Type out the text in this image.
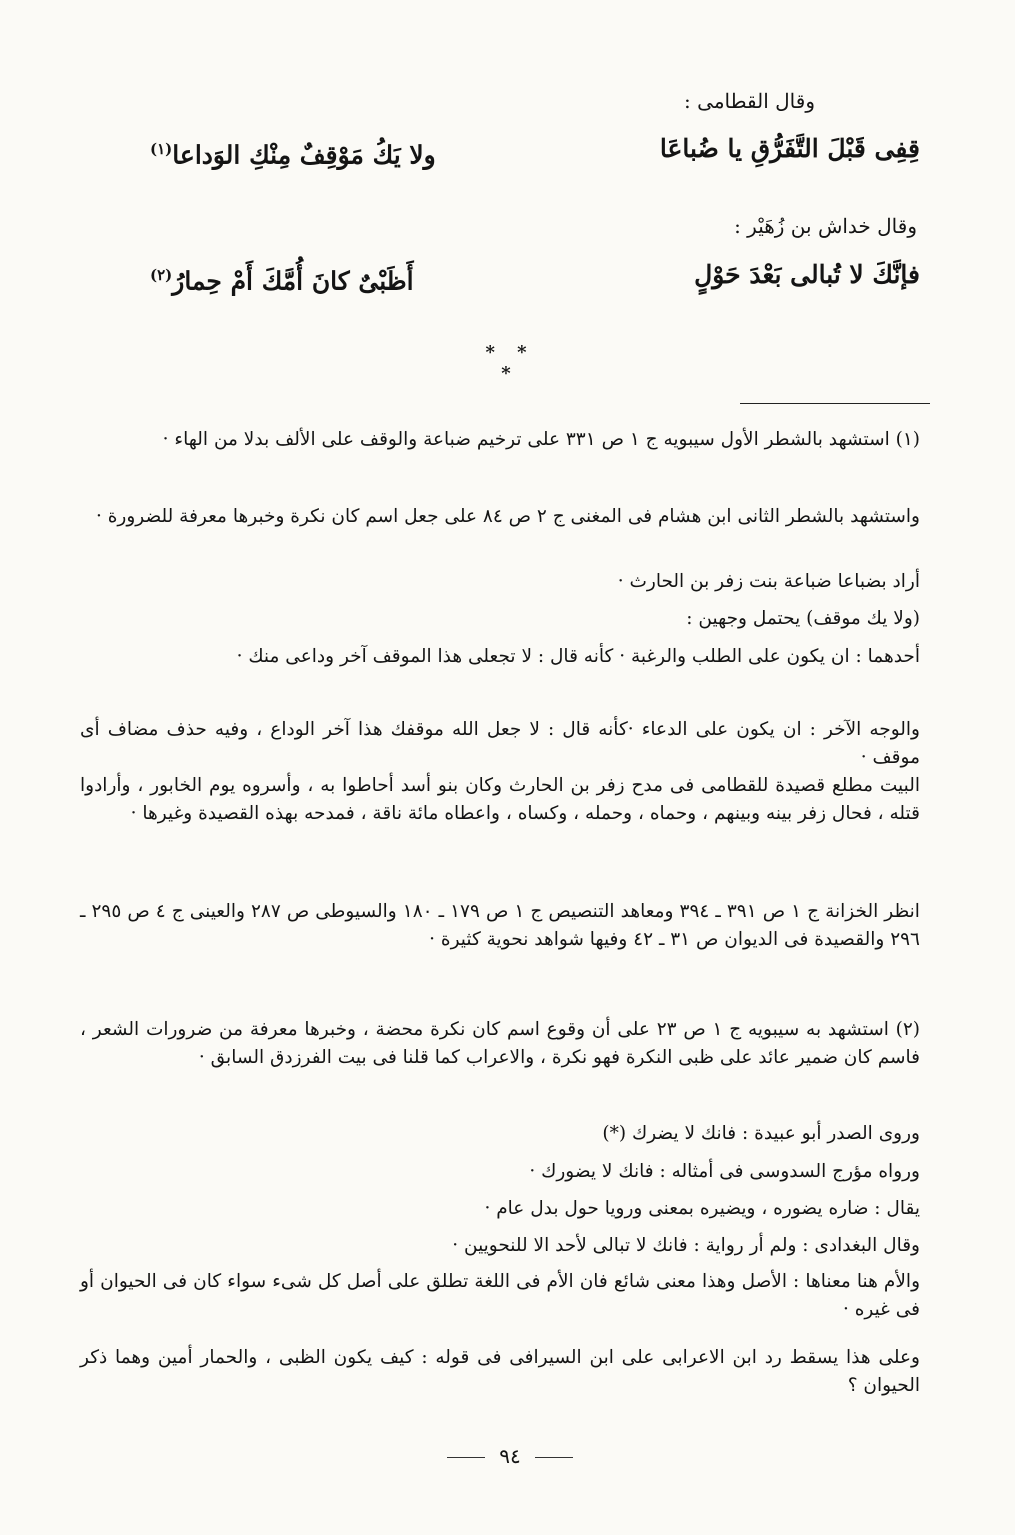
وقال القطامى :
قِفِى قَبْلَ التَّفَرُّقِ يا ضُباعَا
ولا يَكُ مَوْقِفٌ مِنْكِ الوَداعا$^{(١)}$
وقال خداش بن زُهَيْر :
فإنَّكَ لا تُبالى بَعْدَ حَوْلٍ
أَظَبْىٌ كانَ أُمَّكَ أَمْ حِمارُ$^{(٢)}$
* * *
(١) استشهد بالشطر الأول سيبويه ج ١ ص ٣٣١ على ترخيم ضباعة والوقف على الألف بدلا من الهاء ·
واستشهد بالشطر الثانى ابن هشام فى المغنى ج ٢ ص ٨٤ على جعل اسم كان نكرة وخبرها معرفة للضرورة ·
أراد بضباعا ضباعة بنت زفر بن الحارث ·
(ولا يك موقف) يحتمل وجهين :
أحدهما : ان يكون على الطلب والرغبة · كأنه قال : لا تجعلى هذا الموقف آخر وداعى منك ·
والوجه الآخر : ان يكون على الدعاء ·كأنه قال : لا جعل الله موقفك هذا آخر الوداع ، وفيه حذف مضاف أى موقف ·
البيت مطلع قصيدة للقطامى فى مدح زفر بن الحارث وكان بنو أسد أحاطوا به ، وأسروه يوم الخابور ، وأرادوا قتله ، فحال زفر بينه وبينهم ، وحماه ، وحمله ، وكساه ، واعطاه مائة ناقة ، فمدحه بهذه القصيدة وغيرها ·
انظر الخزانة ج ١ ص ٣٩١ ـ ٣٩٤ ومعاهد التنصيص ج ١ ص ١٧٩ ـ ١٨٠ والسيوطى ص ٢٨٧ والعينى ج ٤ ص ٢٩٥ ـ ٢٩٦ والقصيدة فى الديوان ص ٣١ ـ ٤٢ وفيها شواهد نحوية كثيرة ·
(٢) استشهد به سيبويه ج ١ ص ٢٣ على أن وقوع اسم كان نكرة محضة ، وخبرها معرفة من ضرورات الشعر ، فاسم كان ضمير عائد على ظبى النكرة فهو نكرة ، والاعراب كما قلنا فى بيت الفرزدق السابق ·
وروى الصدر أبو عبيدة : فانك لا يضرك (*)
ورواه مؤرج السدوسى فى أمثاله : فانك لا يضورك ·
يقال : ضاره يضوره ، ويضيره بمعنى ورويا حول بدل عام ·
وقال البغدادى : ولم أر رواية : فانك لا تبالى لأحد الا للنحويين ·
والأم هنا معناها : الأصل وهذا معنى شائع فان الأم فى اللغة تطلق على أصل كل شىء سواء كان فى الحيوان أو فى غيره ·
وعلى هذا يسقط رد ابن الاعرابى على ابن السيرافى فى قوله : كيف يكون الظبى ، والحمار أمين وهما ذكر الحيوان ؟
٩٤
